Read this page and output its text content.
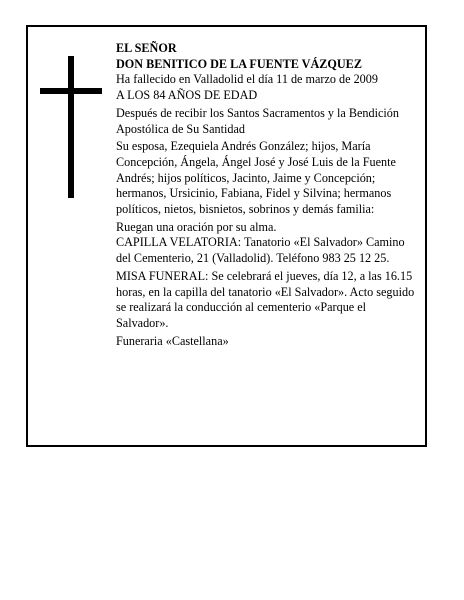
EL SEÑOR

DON BENITICO DE LA FUENTE VÁZQUEZ

Ha fallecido en Valladolid el día 11 de marzo de 2009

A LOS 84 AÑOS DE EDAD

Después de recibir los Santos Sacramentos y la Bendición Apostólica de Su Santidad

Su esposa, Ezequiela Andrés González; hijos, María Concepción, Ángela, Ángel José y José Luis de la Fuente Andrés; hijos políticos, Jacinto, Jaime y Concepción; hermanos, Ursicinio, Fabiana, Fidel y Silvina; hermanos políticos, nietos, bisnietos, sobrinos y demás familia:

Ruegan una oración por su alma.

CAPILLA VELATORIA: Tanatorio «El Salvador» Camino del Cementerio, 21 (Valladolid). Teléfono 983 25 12 25.

MISA FUNERAL: Se celebrará el jueves, día 12, a las 16.15 horas, en la capilla del tanatorio «El Salvador». Acto seguido se realizará la conducción al cementerio «Parque el Salvador».

Funeraria «Castellana»
